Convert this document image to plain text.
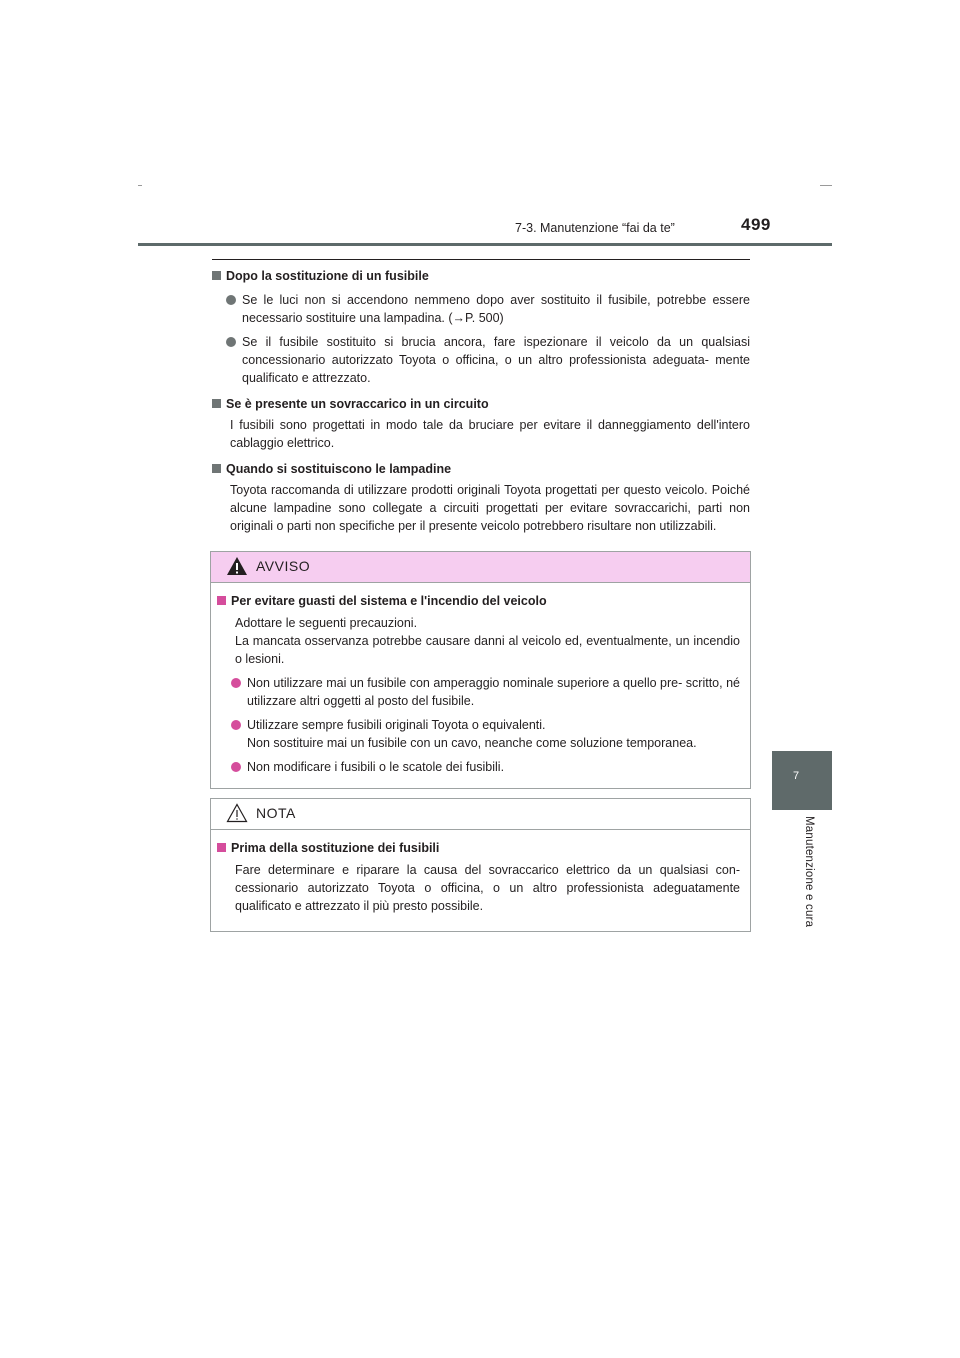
7-3. Manutenzione “fai da te”	499
7
Manutenzione e cura
Dopo la sostituzione di un fusibile
Se le luci non si accendono nemmeno dopo aver sostituito il fusibile, potrebbe essere necessario sostituire una lampadina. (→P. 500)
Se il fusibile sostituito si brucia ancora, fare ispezionare il veicolo da un qualsiasi concessionario autorizzato Toyota o officina, o un altro professionista adeguata- mente qualificato e attrezzato.
Se è presente un sovraccarico in un circuito

I fusibili sono progettati in modo tale da bruciare per evitare il danneggiamento dell'intero cablaggio elettrico.

Quando si sostituiscono le lampadine

Toyota raccomanda di utilizzare prodotti originali Toyota progettati per questo veicolo. Poiché alcune lampadine sono collegate a circuiti progettati per evitare sovraccarichi, parti non originali o parti non specifiche per il presente veicolo potrebbero risultare non utilizzabili.

AVVISO
Per evitare guasti del sistema e l'incendio del veicolo

Adottare le seguenti precauzioni.
La mancata osservanza potrebbe causare danni al veicolo ed, eventualmente, un incendio o lesioni.

Non utilizzare mai un fusibile con amperaggio nominale superiore a quello pre- scritto, né utilizzare altri oggetti al posto del fusibile.
Utilizzare sempre fusibili originali Toyota o equivalenti.
Non sostituire mai un fusibile con un cavo, neanche come soluzione temporanea.
Non modificare i fusibili o le scatole dei fusibili.
NOTA
Prima della sostituzione dei fusibili

Fare determinare e riparare la causa del sovraccarico elettrico da un qualsiasi con- cessionario autorizzato Toyota o officina, o un altro professionista adeguatamente qualificato e attrezzato il più presto possibile.
